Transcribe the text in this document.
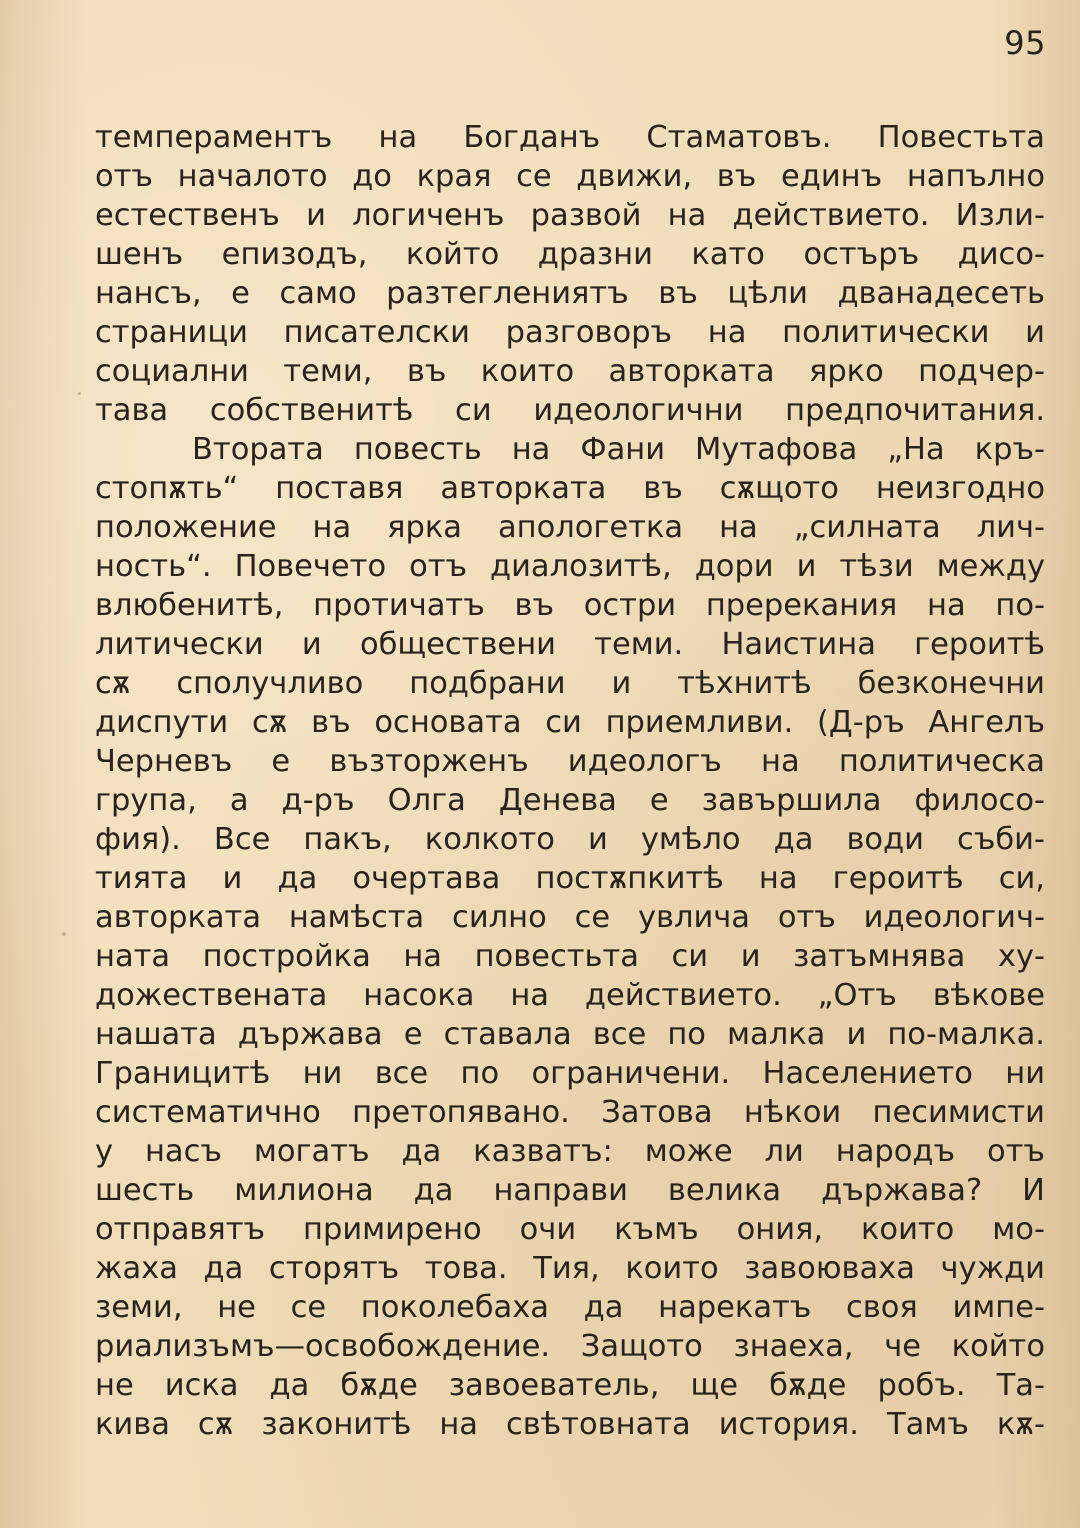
95
темпераментъ на Богданъ Стаматовъ. Повестьта
отъ началото до края се движи, въ единъ напълно
естественъ и логиченъ развой на действието. Изли-
шенъ епизодъ, който дразни като остъръ дисо-
нансъ, е само разтеглениятъ въ цѣли дванадесеть
страници писателски разговоръ на политически и
социални теми, въ които авторката ярко подчер-
тава собственитѣ си идеологични предпочитания.
Втората повесть на Фани Мутафова „На кръ-
стопѫть“ поставя авторката въ сѫщото неизгодно
положение на ярка апологетка на „силната лич-
ность“. Повечето отъ диалозитѣ, дори и тѣзи между
влюбенитѣ, протичатъ въ остри пререкания на по-
литически и обществени теми. Наистина героитѣ
сѫ сполучливо подбрани и тѣхнитѣ безконечни
диспути сѫ въ основата си приемливи. (Д-ръ Ангелъ
Черневъ е възторженъ идеологъ на политическа
група, а д-ръ Олга Денева е завършила филосо-
фия). Все пакъ, колкото и умѣло да води съби-
тията и да очертава постѫпкитѣ на героитѣ си,
авторката намѣста силно се увлича отъ идеологич-
ната постройка на повестьта си и затъмнява ху-
дожествената насока на действието. „Отъ вѣкове
нашата държава е ставала все по малка и по-малка.
Границитѣ ни все по ограничени. Населението ни
систематично претопявано. Затова нѣкои песимисти
у насъ могатъ да казватъ: може ли народъ отъ
шесть милиона да направи велика държава? И
отправятъ примирено очи къмъ ония, които мо-
жаха да сторятъ това. Тия, които завоюваха чужди
земи, не се поколебаха да нарекатъ своя импе-
риализъмъ—освобождение. Защото знаеха, че който
не иска да бѫде завоеватель, ще бѫде робъ. Та-
кива сѫ законитѣ на свѣтовната история. Тамъ кѫ-
